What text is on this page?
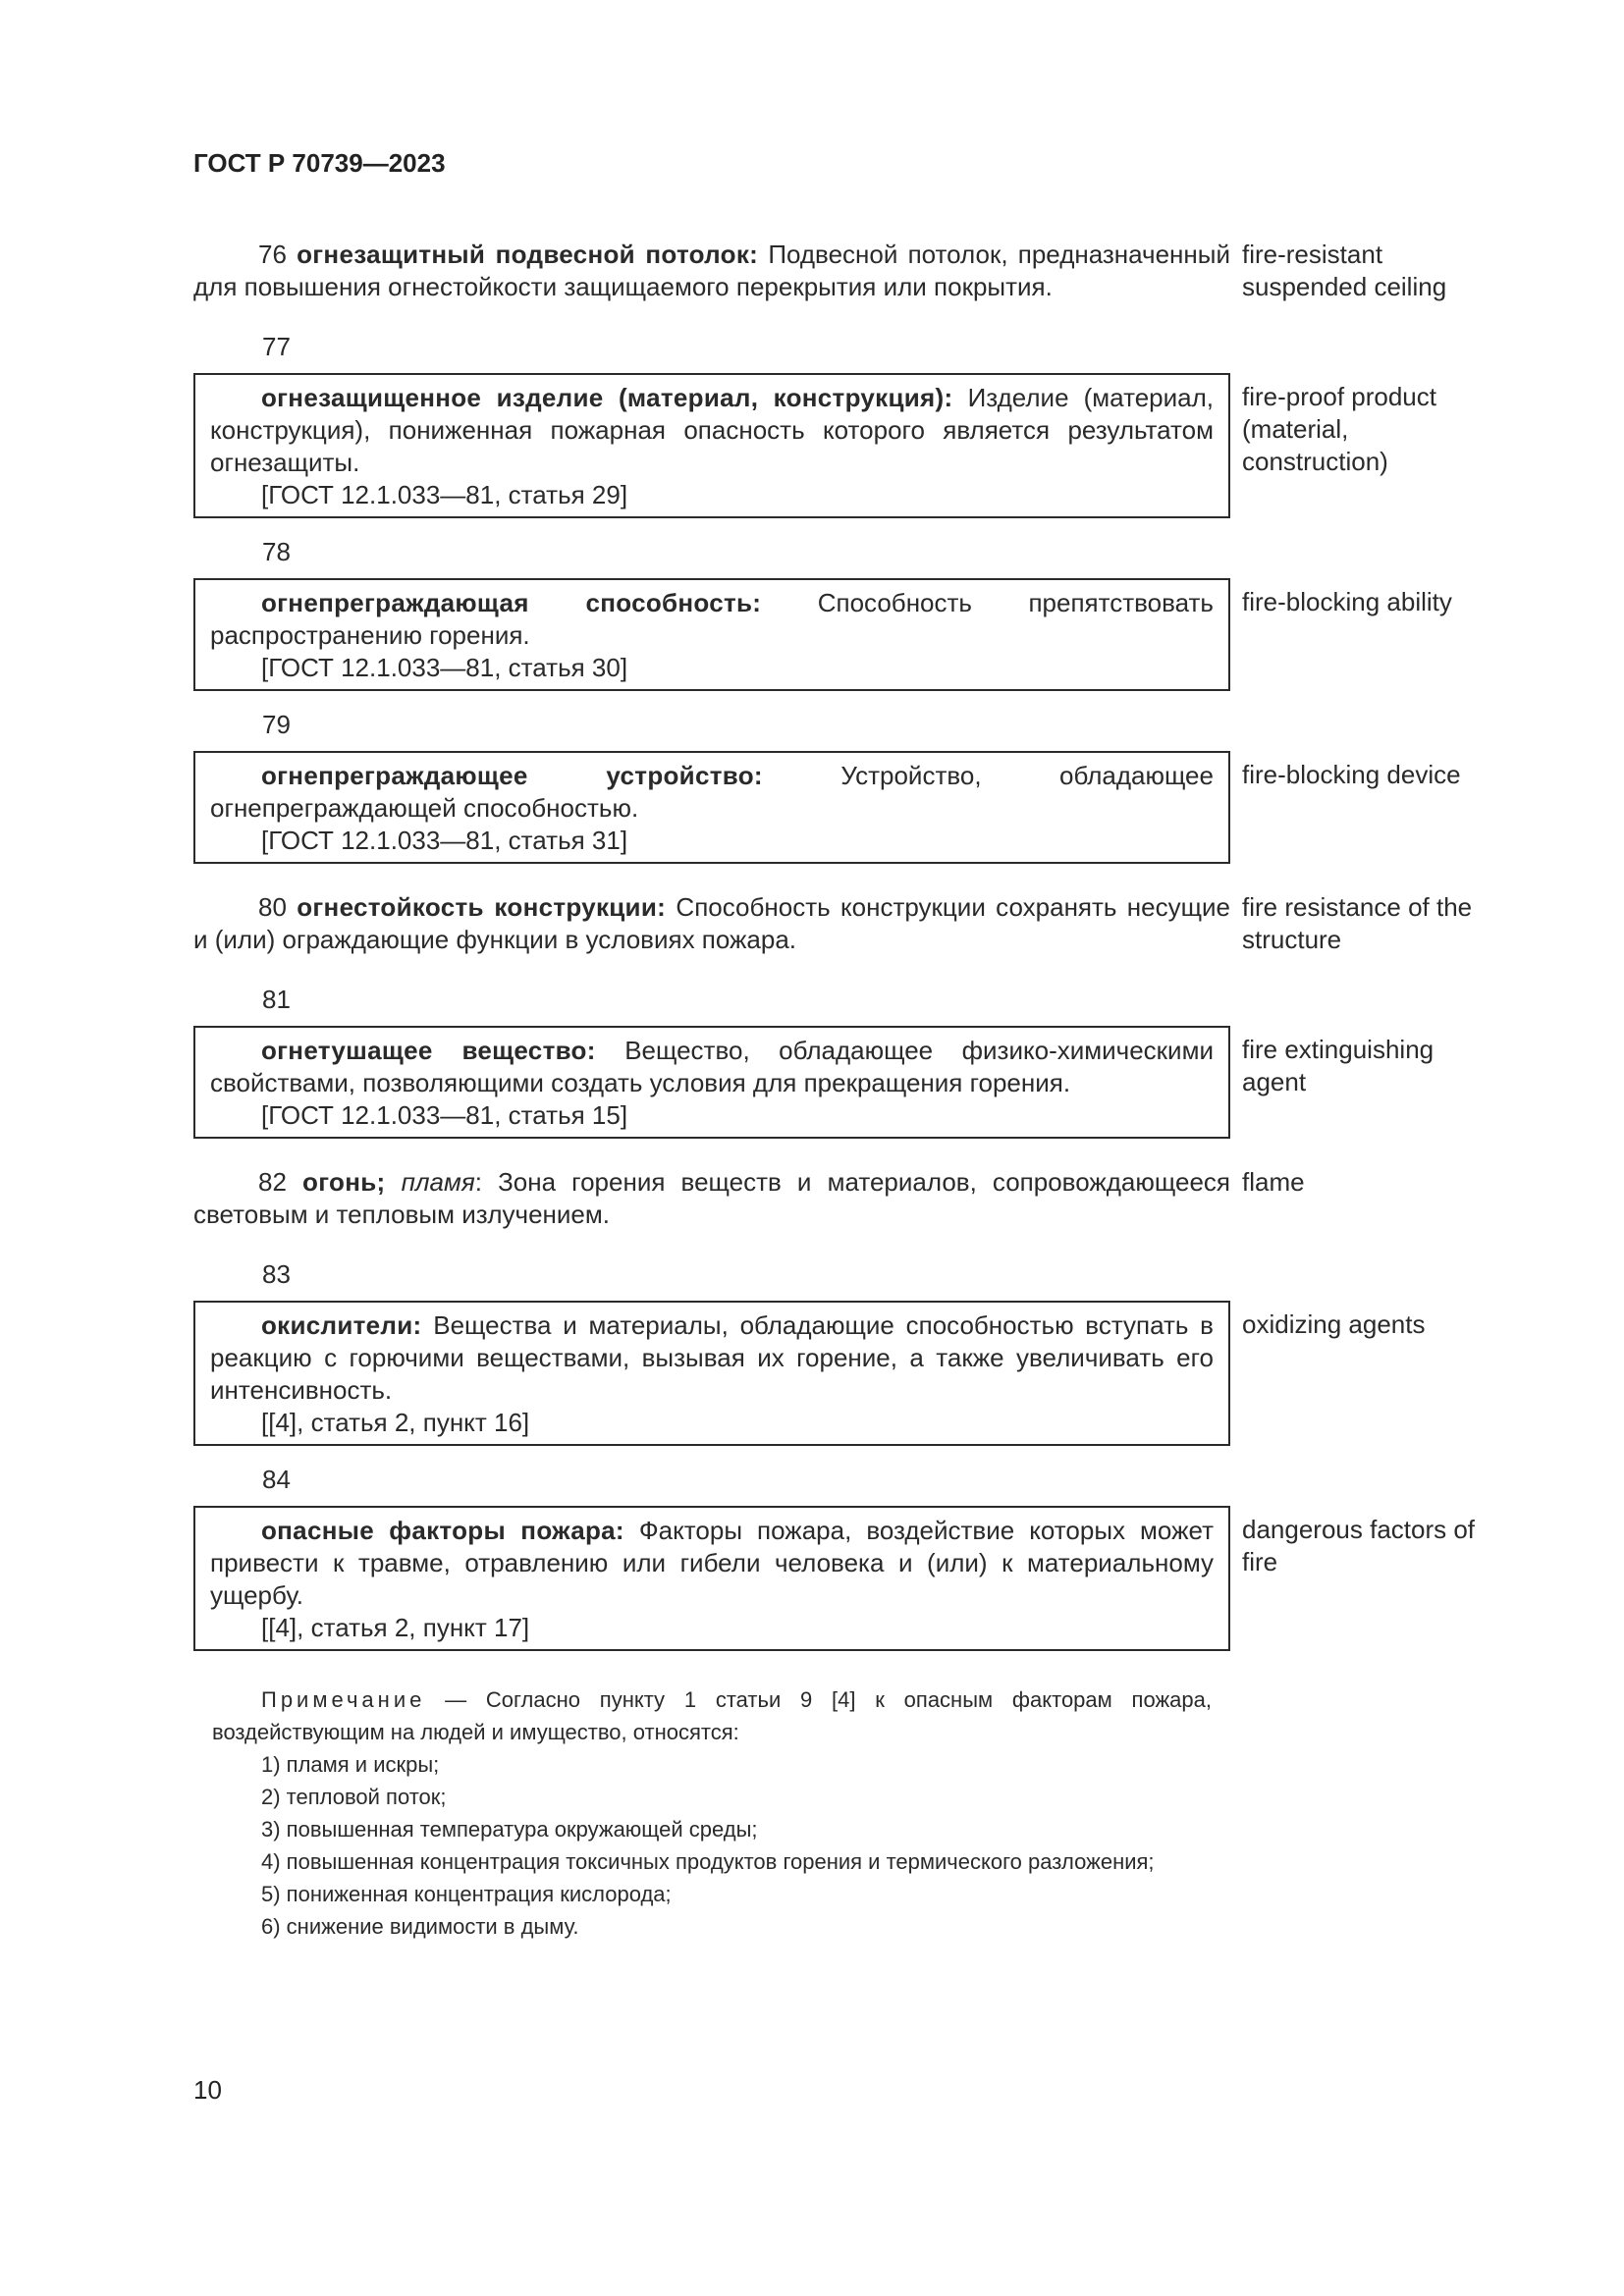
ГОСТ Р 70739—2023
76 огнезащитный подвесной потолок: Подвесной потолок, предназначенный для повышения огнестойкости защищаемого перекрытия или покрытия.
fire-resistant suspended ceiling
77
огнезащищенное изделие (материал, конструкция): Изделие (материал, конструкция), пониженная пожарная опасность которого является результатом огнезащиты.
[ГОСТ 12.1.033—81, статья 29]
fire-proof product (material, construction)
78
огнепреграждающая способность: Способность препятствовать распространению горения.
[ГОСТ 12.1.033—81, статья 30]
fire-blocking ability
79
огнепреграждающее устройство:	Устройство, обладающее огнепреграждающей способностью.
[ГОСТ 12.1.033—81, статья 31]
fire-blocking device
80 огнестойкость конструкции: Способность конструкции сохранять несущие и (или) ограждающие функции в условиях пожара.
fire resistance of the structure
81
огнетушащее вещество: Вещество, обладающее физико-химическими свойствами, позволяющими создать условия для прекращения горения.
[ГОСТ 12.1.033—81, статья 15]
fire extinguishing agent
82 огонь; пламя: Зона горения веществ и материалов, сопровождающееся световым и тепловым излучением.
flame
83
окислители: Вещества и материалы, обладающие способностью вступать в реакцию с горючими веществами, вызывая их горение, а также увеличивать его интенсивность.
[[4], статья 2, пункт 16]
oxidizing agents
84
опасные факторы пожара: Факторы пожара, воздействие которых может привести к травме, отравлению или гибели человека и (или) к материальному ущербу.
[[4], статья 2, пункт 17]
dangerous factors of fire
Примечание — Согласно пункту 1 статьи 9 [4] к опасным факторам пожара, воздействующим на людей и имущество, относятся:
1) пламя и искры;
2) тепловой поток;
3) повышенная температура окружающей среды;
4) повышенная концентрация токсичных продуктов горения и термического разложения;
5) пониженная концентрация кислорода;
6) снижение видимости в дыму.
10
